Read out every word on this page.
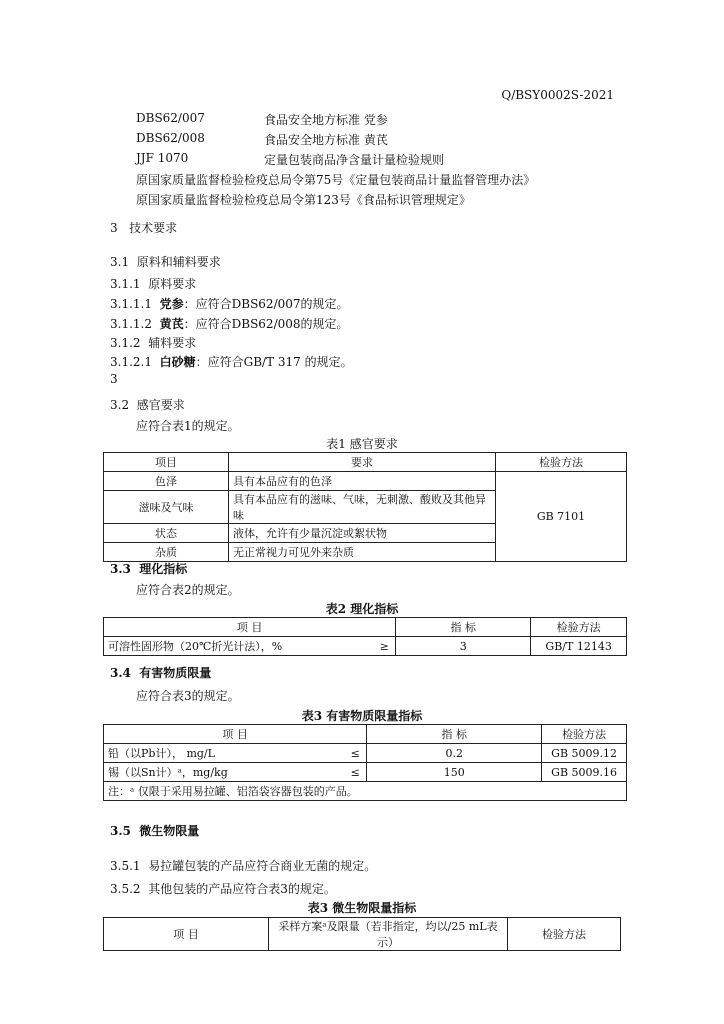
Q/BSY0002S-2021
DBS62/007	食品安全地方标准 党参
DBS62/008	食品安全地方标准 黄芪
JJF 1070	定量包装商品净含量计量检验规则
原国家质量监督检验检疫总局令第75号《定量包装商品计量监督管理办法》
原国家质量监督检验检疫总局令第123号《食品标识管理规定》
3 技术要求
3.1 原料和辅料要求
3.1.1 原料要求
3.1.1.1 党参：应符合DBS62/007的规定。
3.1.1.2 黄芪：应符合DBS62/008的规定。
3.1.2 辅料要求
3.1.2.1 白砂糖：应符合GB/T 317 的规定。
3
3.2 感官要求
应符合表1的规定。
表1 感官要求
项目	要求	检验方法
色泽	具有本品应有的色泽	GB 7101
滋味及气味	具有本品应有的滋味、气味，无刺激、酸败及其他异味	
状态	液体，允许有少量沉淀或絮状物	
杂质	无正常视力可见外来杂质	
3.3 理化指标
应符合表2的规定。
表2 理化指标
项 目		指 标	检验方法
可溶性固形物（20℃折光计法），%	≥	3	GB/T 12143
3.4 有害物质限量
应符合表3的规定。
表3 有害物质限量指标
项 目		指 标	检验方法
铅（以Pb计）， mg/L	≤	0.2	GB 5009.12
锡（以Sn计）ᵃ，mg/kg	≤	150	GB 5009.16
注：ᵃ 仅限于采用易拉罐、铝箔袋容器包装的产品。			
3.5 微生物限量
3.5.1 易拉罐包装的产品应符合商业无菌的规定。
3.5.2 其他包装的产品应符合表3的规定。
表3 微生物限量指标
项 目	采样方案ᵃ及限量（若非指定，均以/25 mL表示）	检验方法
